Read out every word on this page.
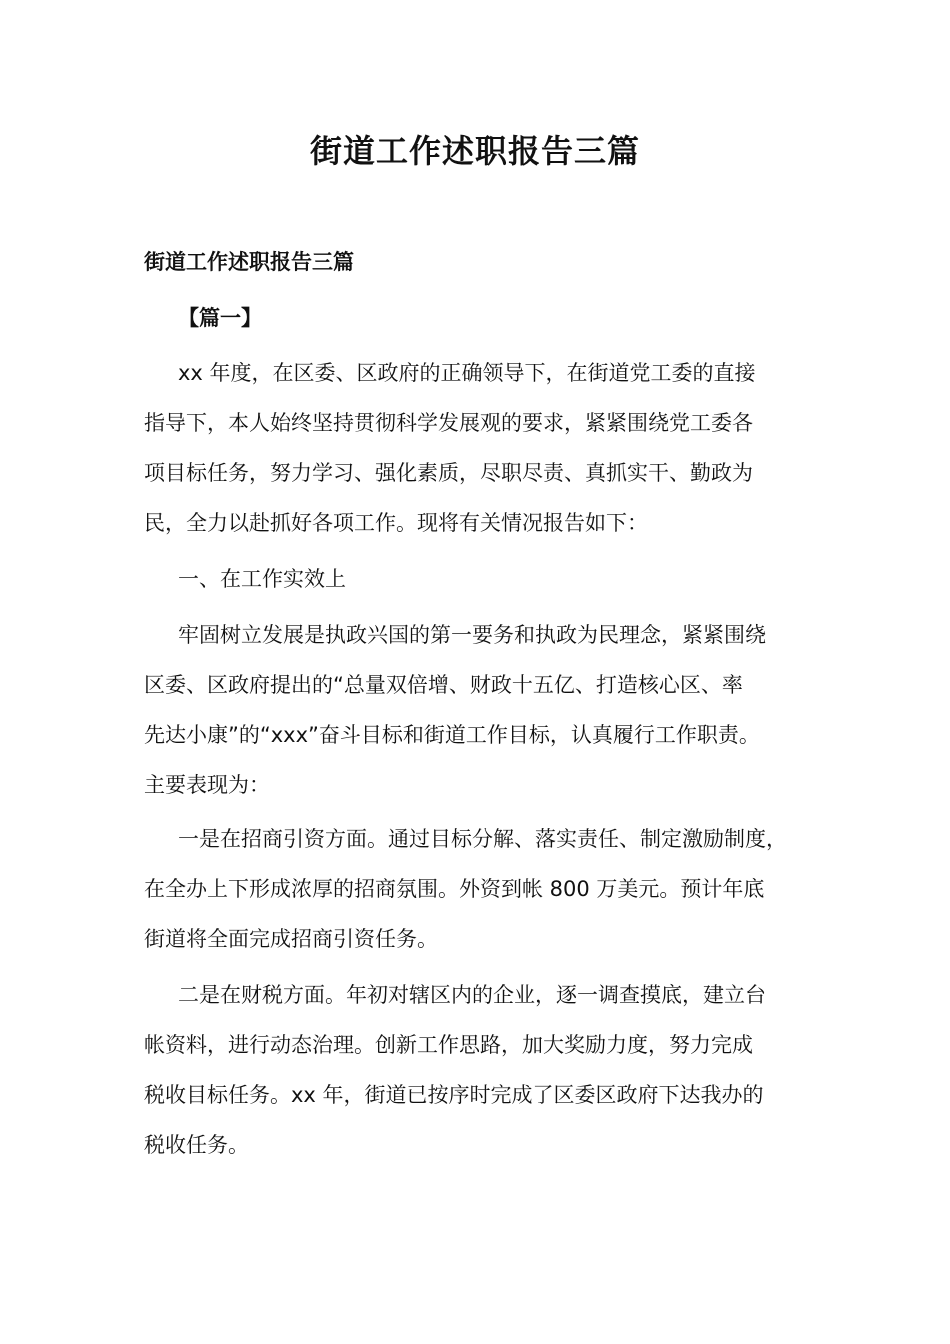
街道工作述职报告三篇
街道工作述职报告三篇
【篇一】
xx 年度，在区委、区政府的正确领导下，在街道党工委的直接
指导下，本人始终坚持贯彻科学发展观的要求，紧紧围绕党工委各
项目标任务，努力学习、强化素质，尽职尽责、真抓实干、勤政为
民，全力以赴抓好各项工作。现将有关情况报告如下：
一、在工作实效上
牢固树立发展是执政兴国的第一要务和执政为民理念，紧紧围绕
区委、区政府提出的“总量双倍增、财政十五亿、打造核心区、率
先达小康”的“xxx”奋斗目标和街道工作目标，认真履行工作职责。
主要表现为：
一是在招商引资方面。通过目标分解、落实责任、制定激励制度，
在全办上下形成浓厚的招商氛围。外资到帐 800 万美元。预计年底
街道将全面完成招商引资任务。
二是在财税方面。年初对辖区内的企业，逐一调查摸底，建立台
帐资料，进行动态治理。创新工作思路，加大奖励力度，努力完成
税收目标任务。xx 年，街道已按序时完成了区委区政府下达我办的
税收任务。
